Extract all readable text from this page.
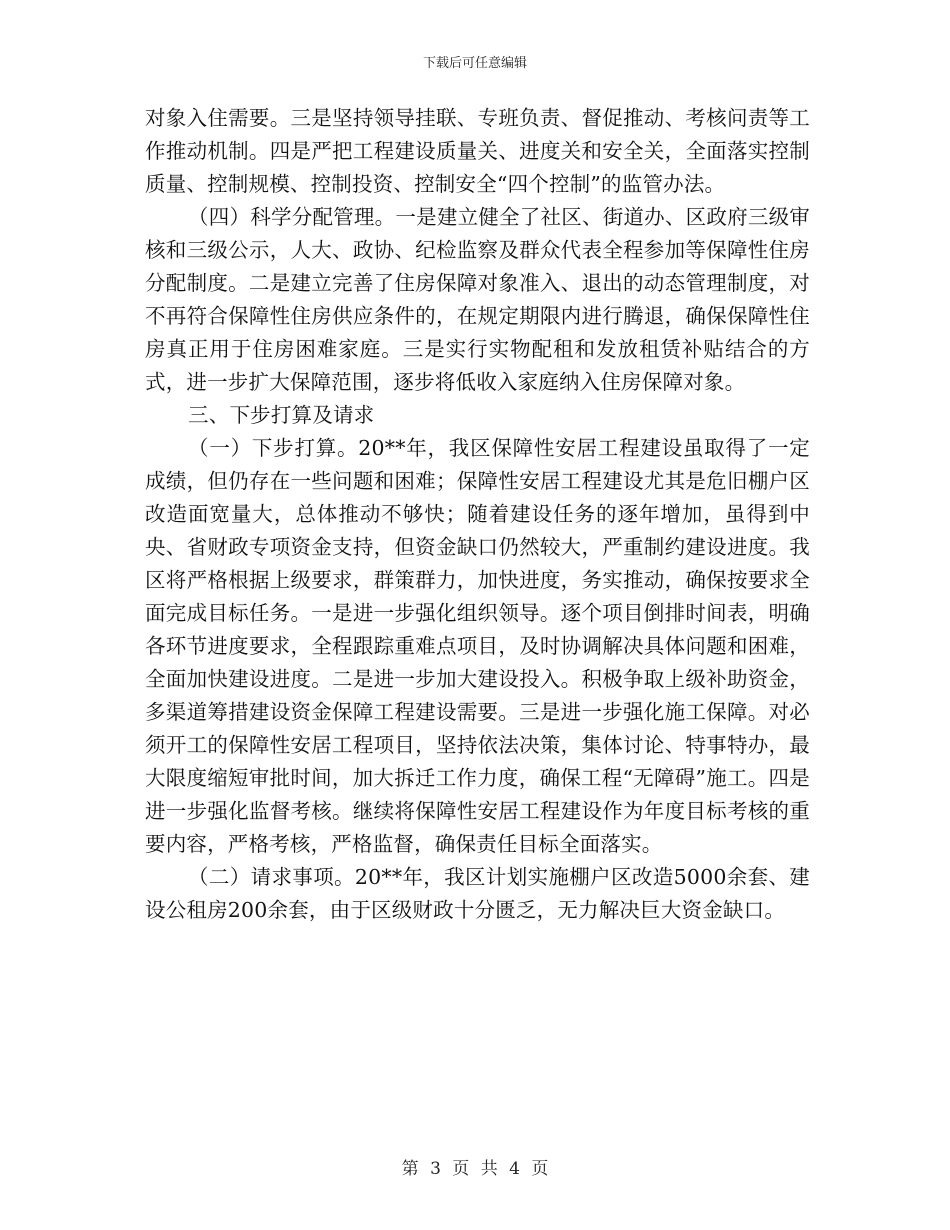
下载后可任意编辑

对象入住需要。三是坚持领导挂联、专班负责、督促推动、考核问责等工作推动机制。四是严把工程建设质量关、进度关和安全关，全面落实控制质量、控制规模、控制投资、控制安全“四个控制”的监管办法。

（四）科学分配管理。一是建立健全了社区、街道办、区政府三级审核和三级公示，人大、政协、纪检监察及群众代表全程参加等保障性住房分配制度。二是建立完善了住房保障对象准入、退出的动态管理制度，对不再符合保障性住房供应条件的，在规定期限内进行腾退，确保保障性住房真正用于住房困难家庭。三是实行实物配租和发放租赁补贴结合的方式，进一步扩大保障范围，逐步将低收入家庭纳入住房保障对象。

三、下步打算及请求

（一）下步打算。20**年，我区保障性安居工程建设虽取得了一定成绩，但仍存在一些问题和困难；保障性安居工程建设尤其是危旧棚户区改造面宽量大，总体推动不够快；随着建设任务的逐年增加，虽得到中央、省财政专项资金支持，但资金缺口仍然较大，严重制约建设进度。我区将严格根据上级要求，群策群力，加快进度，务实推动，确保按要求全面完成目标任务。一是进一步强化组织领导。逐个项目倒排时间表，明确各环节进度要求，全程跟踪重难点项目，及时协调解决具体问题和困难，全面加快建设进度。二是进一步加大建设投入。积极争取上级补助资金，多渠道筹措建设资金保障工程建设需要。三是进一步强化施工保障。对必须开工的保障性安居工程项目，坚持依法决策，集体讨论、特事特办，最大限度缩短审批时间，加大拆迁工作力度，确保工程“无障碍”施工。四是进一步强化监督考核。继续将保障性安居工程建设作为年度目标考核的重要内容，严格考核，严格监督，确保责任目标全面落实。

（二）请求事项。20**年，我区计划实施棚户区改造5000余套、建设公租房200余套，由于区级财政十分匮乏，无力解决巨大资金缺口。

第 3 页 共 4 页
